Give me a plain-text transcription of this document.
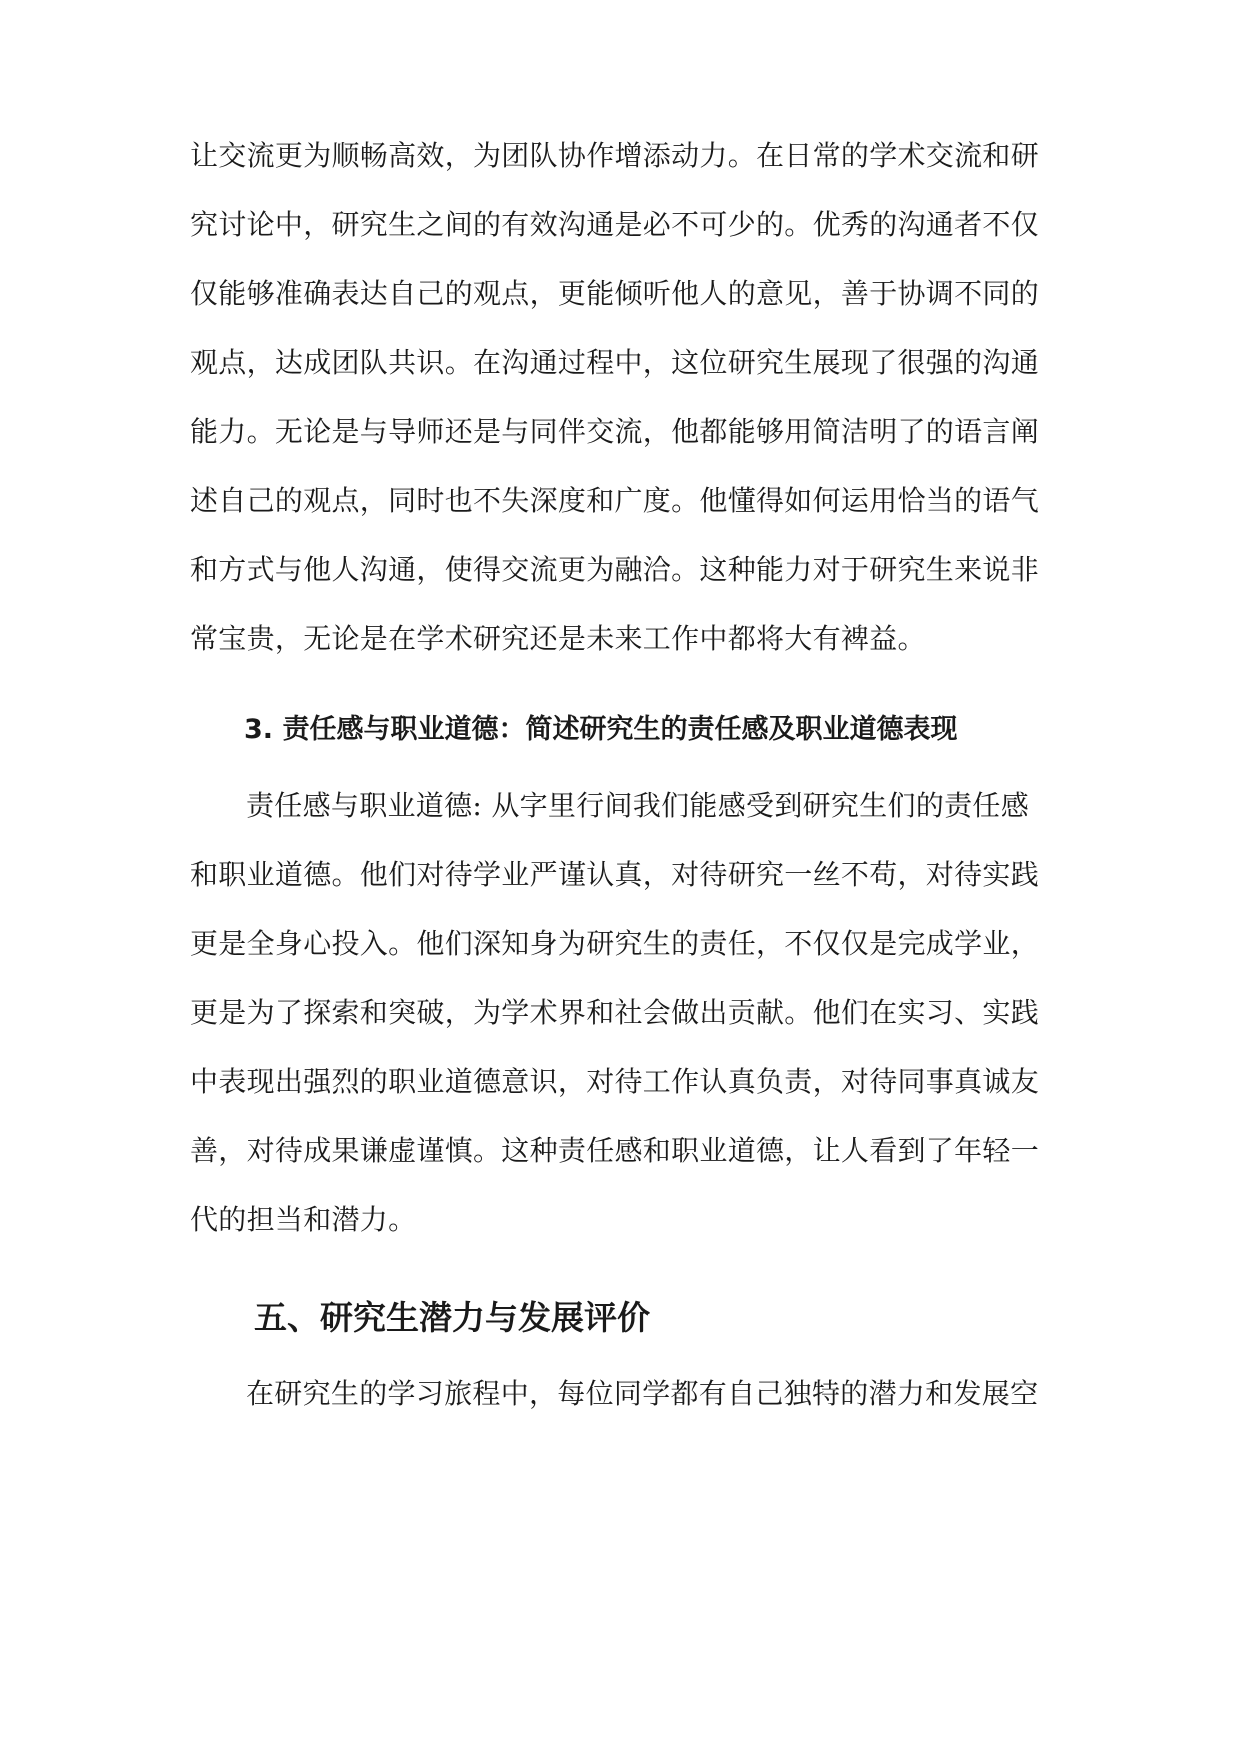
让交流更为顺畅高效，为团队协作增添动力。在日常的学术交流和研
究讨论中，研究生之间的有效沟通是必不可少的。优秀的沟通者不仅
仅能够准确表达自己的观点，更能倾听他人的意见，善于协调不同的
观点，达成团队共识。在沟通过程中，这位研究生展现了很强的沟通
能力。无论是与导师还是与同伴交流，他都能够用简洁明了的语言阐
述自己的观点，同时也不失深度和广度。他懂得如何运用恰当的语气
和方式与他人沟通，使得交流更为融洽。这种能力对于研究生来说非
常宝贵，无论是在学术研究还是未来工作中都将大有裨益。
3. 责任感与职业道德：简述研究生的责任感及职业道德表现
责任感与职业道德: 从字里行间我们能感受到研究生们的责任感
和职业道德。他们对待学业严谨认真，对待研究一丝不苟，对待实践
更是全身心投入。他们深知身为研究生的责任，不仅仅是完成学业，
更是为了探索和突破，为学术界和社会做出贡献。他们在实习、实践
中表现出强烈的职业道德意识，对待工作认真负责，对待同事真诚友
善，对待成果谦虚谨慎。这种责任感和职业道德，让人看到了年轻一
代的担当和潜力。
五、研究生潜力与发展评价
在研究生的学习旅程中，每位同学都有自己独特的潜力和发展空
